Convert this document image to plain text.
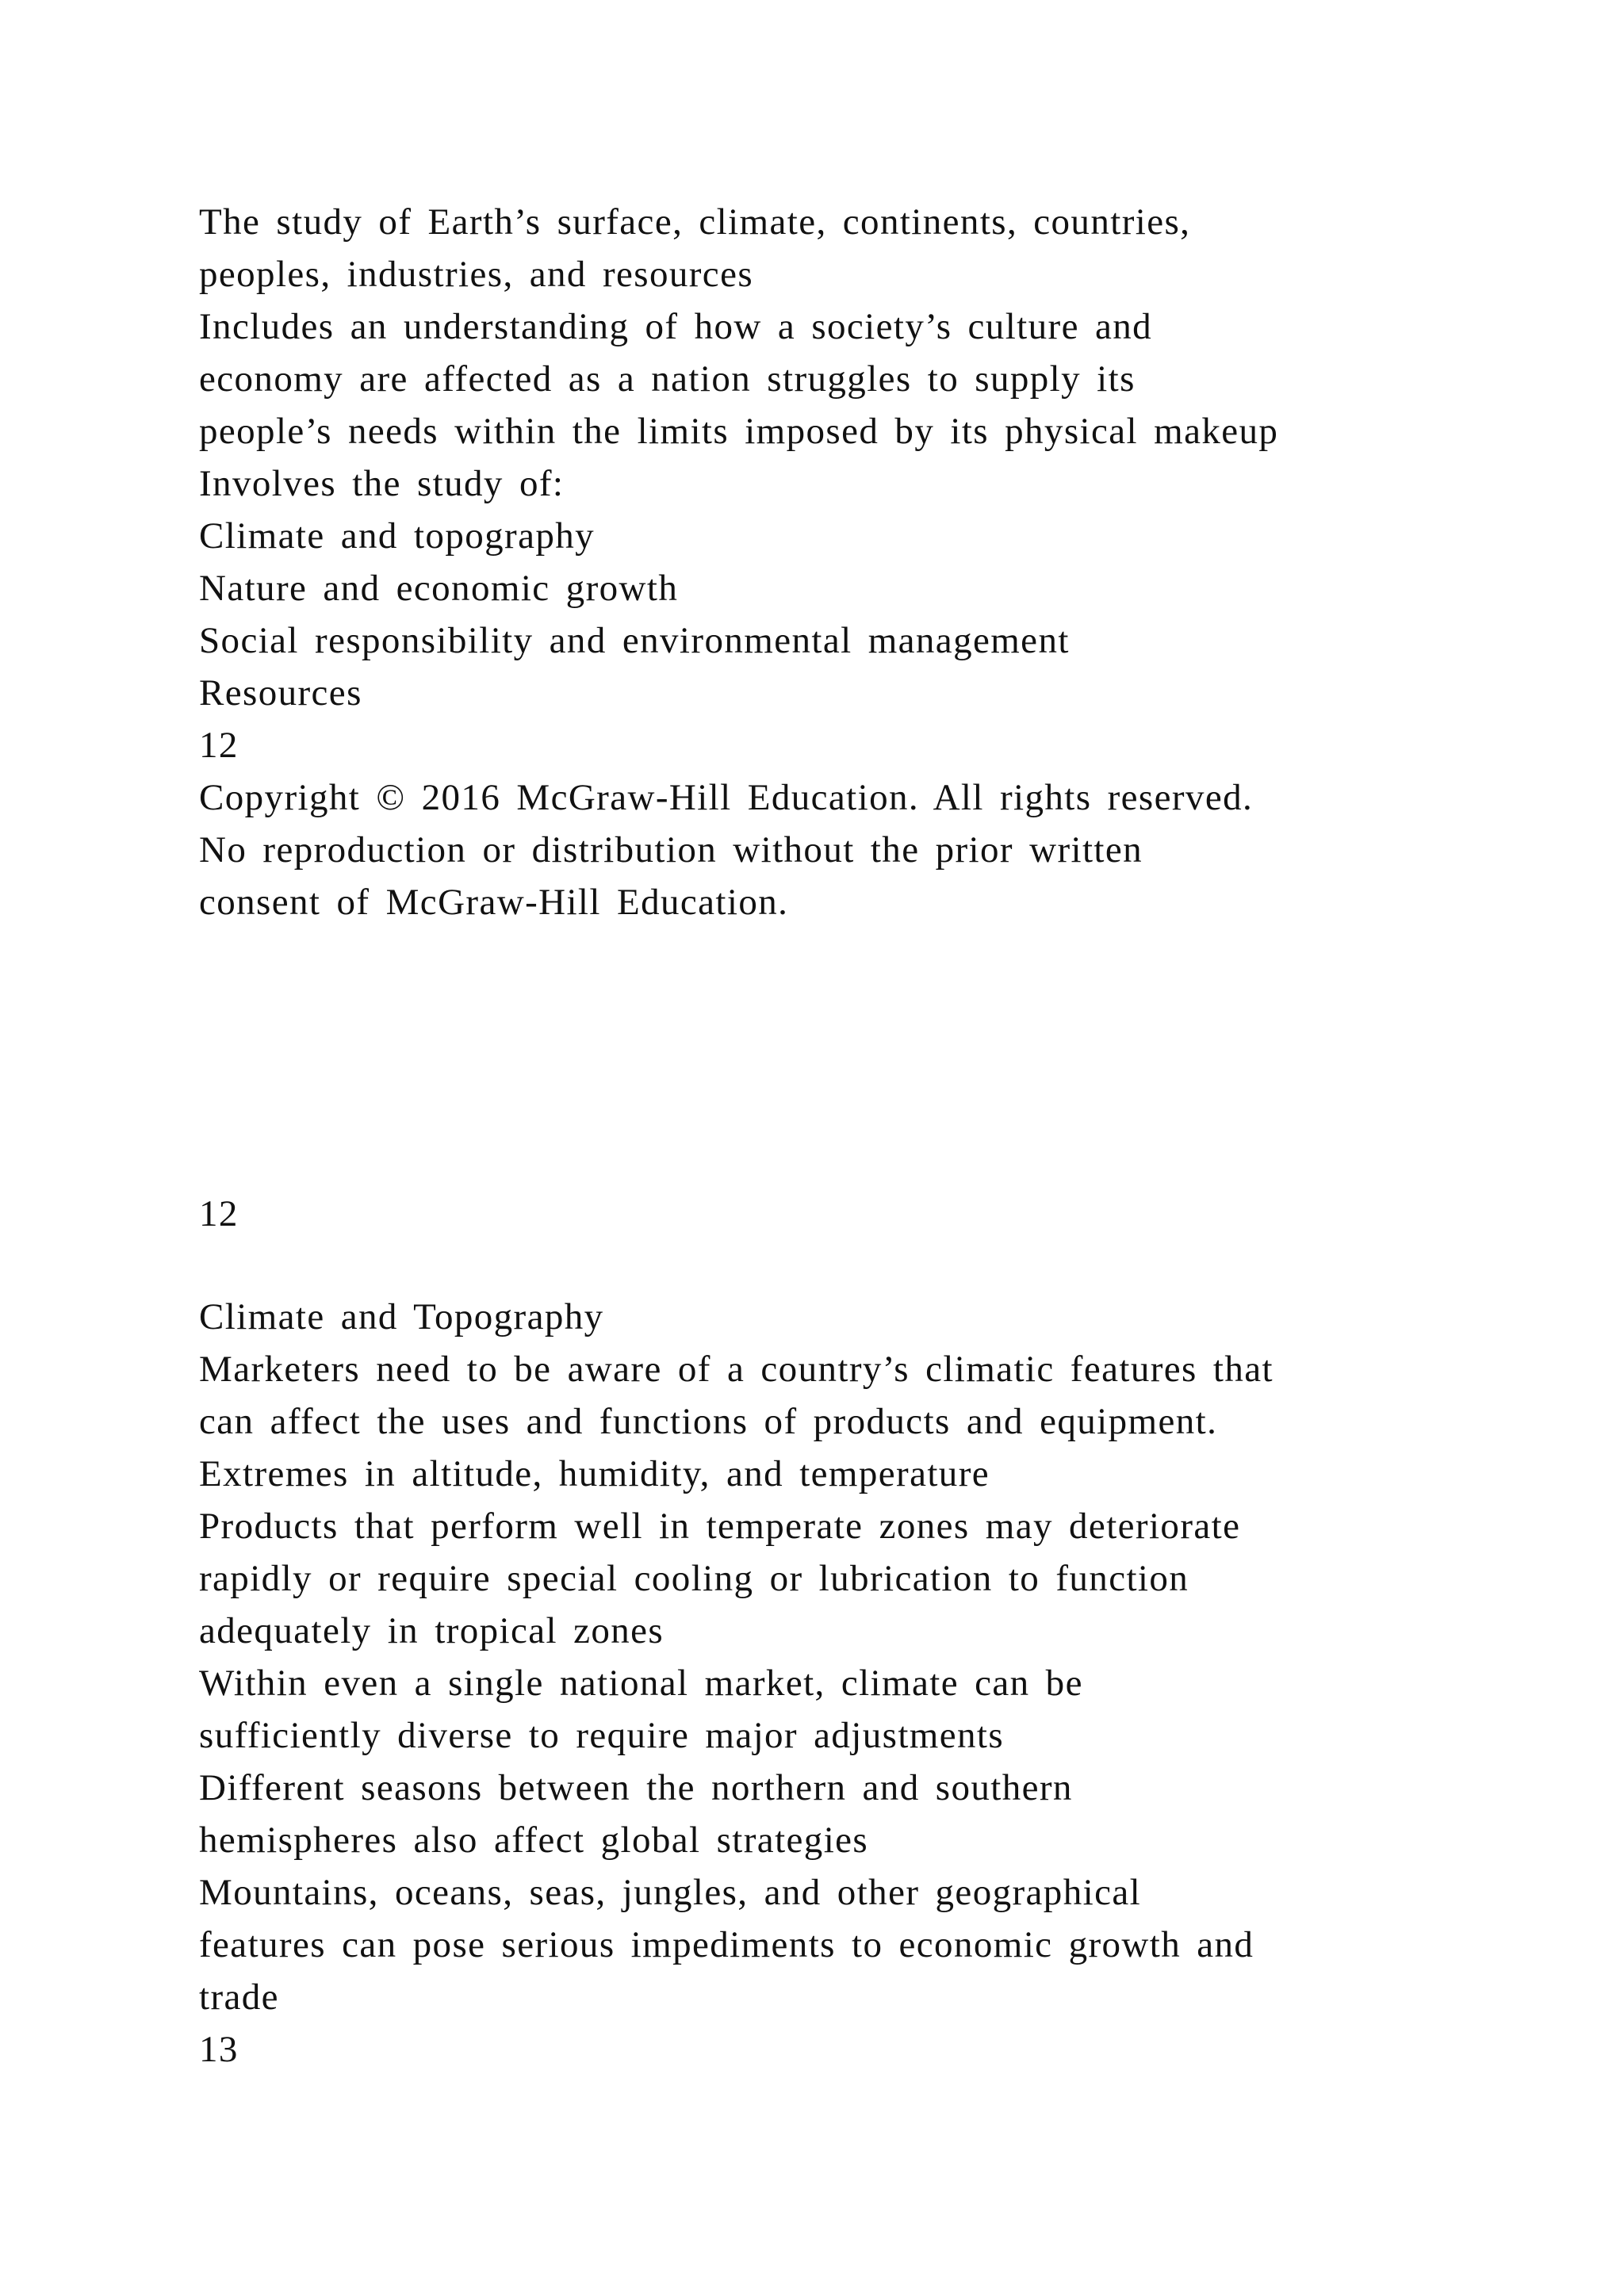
The study of Earth’s surface, climate, continents, countries,
peoples, industries, and resources
Includes an understanding of how a society’s culture and
economy are affected as a nation struggles to supply its
people’s needs within the limits imposed by its physical makeup
Involves the study of:
Climate and topography
Nature and economic growth
Social responsibility and environmental management
Resources
12
Copyright © 2016 McGraw-Hill Education. All rights reserved.
No reproduction or distribution without the prior written
consent of McGraw-Hill Education.
12
Climate and Topography
Marketers need to be aware of a country’s climatic features that
can affect the uses and functions of products and equipment.
Extremes in altitude, humidity, and temperature
Products that perform well in temperate zones may deteriorate
rapidly or require special cooling or lubrication to function
adequately in tropical zones
Within even a single national market, climate can be
sufficiently diverse to require major adjustments
Different seasons between the northern and southern
hemispheres also affect global strategies
Mountains, oceans, seas, jungles, and other geographical
features can pose serious impediments to economic growth and
trade
13
